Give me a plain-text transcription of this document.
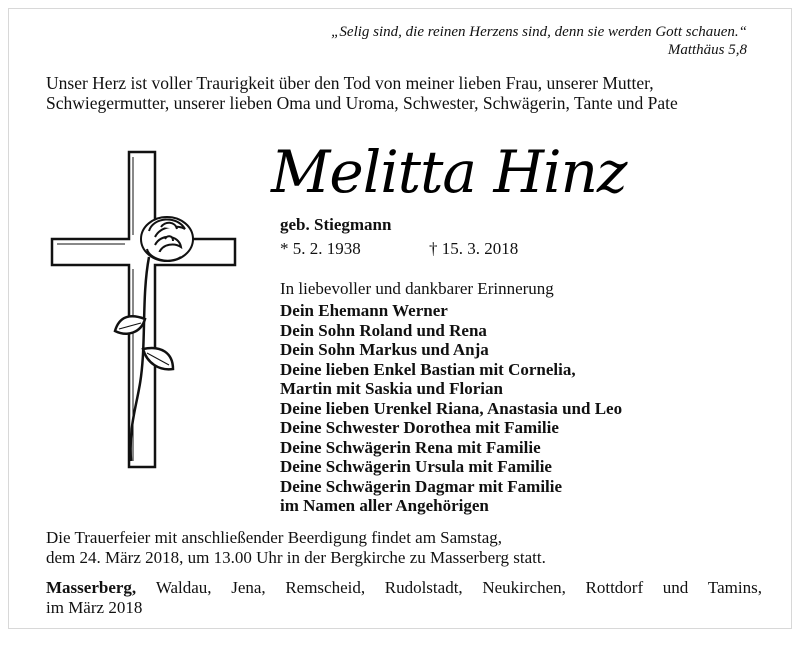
„Selig sind, die reinen Herzens sind, denn sie werden Gott schauen.“
Matthäus 5,8
Unser Herz ist voller Traurigkeit über den Tod von meiner lieben Frau, unserer Mutter,
Schwiegermutter, unserer lieben Oma und Uroma, Schwester, Schwägerin, Tante und Pate
Melitta Hinz
geb. Stiegmann
* 5. 2. 1938	† 15. 3. 2018
In liebevoller und dankbarer Erinnerung
Dein Ehemann Werner
Dein Sohn Roland und Rena
Dein Sohn Markus und Anja
Deine lieben Enkel Bastian mit Cornelia,
Martin mit Saskia und Florian
Deine lieben Urenkel Riana, Anastasia und Leo
Deine Schwester Dorothea mit Familie
Deine Schwägerin Rena mit Familie
Deine Schwägerin Ursula mit Familie
Deine Schwägerin Dagmar mit Familie
im Namen aller Angehörigen
Die Trauerfeier mit anschließender Beerdigung findet am Samstag,
dem 24. März 2018, um 13.00 Uhr in der Bergkirche zu Masserberg statt.
Masserberg, Waldau, Jena, Remscheid, Rudolstadt, Neukirchen, Rottdorf und Tamins,
im März 2018
